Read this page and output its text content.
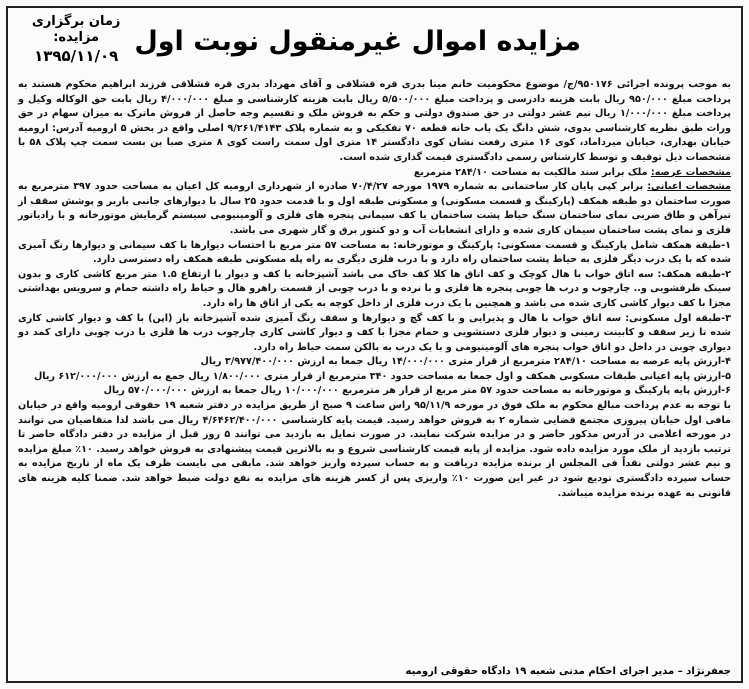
مزایده اموال غیرمنقول نوبت اول
زمان برگزاری مزایده:
۱۳۹۵/۱۱/۰۹

به موجب پرونده اجرائی ۹۵۰۱۷۶/ج/ موضوع محکومیت خانم مینا بدری قره قشلاقی و آقای مهرداد بدری قره قشلاقی فرزند ابراهیم محکوم هستند به پرداخت مبلغ ۹۵۰/۰۰۰ ریال بابت هزینه دادرسی و پرداخت مبلغ ۵/۵۰۰/۰۰۰ ریال بابت هزینه کارشناسی و مبلغ ۴/۰۰۰/۰۰۰ ریال بابت حق الوکاله وکیل و پرداخت مبلغ ۱/۰۰۰/۰۰۰ ریال نیم عشر دولتی در حق صندوق دولتی و حکم به فروش ملک و تقسیم وجه حاصل از فروش ماترک به میزان سهام در حق وراث طبق نظریه کارشناسی بدوی، شش دانگ یک باب خانه قطعه ۷۰ تفکیکی و به شماره پلاک ۹/۲۶۱/۴۱۴۳ اصلی واقع در بخش ۵ ارومیه آدرس: ارومیه خیابان بهداری، خیابان میرداماد، کوی ۱۶ متری رفعت نشان کوی دادگستر ۱۴ متری اول سمت راست کوی ۸ متری صبا بن بست سمت چپ پلاک ۵۸ با مشخصات ذیل توقیف و توسط کارشناس رسمی دادگستری قیمت گذاری شده است.

مشخصات عرصه: ملک برابر سند مالکیت به مساحت ۲۸۴/۱۰ مترمربع

مشخصات اعیانی: برابر کپی پایان کار ساختمانی به شماره ۱۹۷۹ مورخه ۷۰/۴/۲۷ صادره از شهرداری ارومیه کل اعیان به مساحت حدود ۳۹۷ مترمربع به صورت ساختمان دو طبقه همکف (پارکینگ و قسمت مسکونی) و مسکونی طبقه اول و با قدمت حدود ۲۵ سال با دیوارهای جانبی باربر و پوشش سقف از تیرآهن و طاق ضربی نمای ساختمان سنگ حیاط پشت ساختمان با کف سیمانی پنجره های فلزی و آلومینیومی سیستم گرمایش موتورخانه و با رادیاتور فلزی و نمای پشت ساختمان سیمان کاری شده و دارای انشعابات آب و دو کنتور برق و گاز شهری می باشد.

۱-طبقه همکف شامل پارکینگ و قسمت مسکونی: پارکینگ و موتورخانه: به مساحت ۵۷ متر مربع با احتساب دیوارها با کف سیمانی و دیوارها رنگ آمیزی شده که با یک درب دیگر فلزی به حیاط پشت ساختمان راه دارد و با درب فلزی دیگری به راه پله مسکونی طبقه همکف راه دسترسی دارد.

۲-طبقه همکف: سه اتاق خواب با هال کوچک و کف اتاق ها کلا کف خاک می باشد آشپزخانه با کف و دیوار با ارتفاع ۱.۵ متر مربع کاشی کاری و بدون سینک ظرفشویی و.. چارچوب و درب ها چوبی پنجره ها فلزی و با نرده و با درب چوبی از قسمت راهرو هال و حیاط راه داشته حمام و سرویس بهداشتی مجزا با کف دیوار کاشی کاری شده می باشد و همچنین با یک درب فلزی از داخل کوچه به یکی از اتاق ها راه دارد.

۳-طبقه اول مسکونی: سه اتاق خواب با هال و پذیرایی و با کف گچ و دیوارها و سقف رنگ آمیزی شده آشپزخانه باز (اپن) با کف و دیوار کاشی کاری شده تا زیر سقف و کابینت زمینی و دیوار فلزی دستشویی و حمام مجزا با کف و دیوار کاشی کاری چارچوب درب ها فلزی با درب چوبی دارای کمد دو دیواری چوبی در داخل دو اتاق خواب پنجره های آلومینیومی و با یک درب به بالکن سمت حیاط راه دارد.

۴-ارزش پایه عرصه به مساحت ۲۸۴/۱۰ مترمربع از قرار متری ۱۴/۰۰۰/۰۰۰ ریال جمعا به ارزش ۳/۹۷۷/۴۰۰/۰۰۰ ریال

۵-ارزش پایه اعیانی طبقات مسکونی همکف و اول جمعا به مساحت حدود ۳۴۰ مترمربع از قرار متری ۱/۸۰۰/۰۰۰ ریال جمع به ارزش ۶۱۲/۰۰۰/۰۰۰ ریال

۶-ارزش پایه پارکینگ و موتورخانه به مساحت حدود ۵۷ متر مربع از قرار هر مترمربع ۱۰/۰۰۰/۰۰۰ ریال جمعا به ارزش ۵۷۰/۰۰۰/۰۰۰ ریال

با توجه به عدم پرداخت مبالغ محکوم به ملک فوق در مورخه ۹۵/۱۱/۹ راس ساعت ۹ صبح از طریق مزایده در دفتر شعبه ۱۹ حقوقی ارومیه واقع در خیابان مافی اول خیابان پیروزی مجتمع قضایی شماره ۲ به فروش خواهد رسید. قیمت پایه کارشناسی ۴/۶۴۶۲/۴۰۰/۰۰۰ ریال می باشد لذا متقاضیان می توانند در مورخه اعلامی در آدرس مذکور حاضر و در مزایده شرکت نمایند. در صورت تمایل به بازدید می توانند ۵ روز قبل از مزایده در دفتر دادگاه حاضر تا ترتیب بازدید از ملک مورد مزایده داده شود. مزایده از پایه قیمت کارشناسی شروع و به بالاترین قیمت پیشنهادی به فروش خواهد رسید. ۱۰٪ مبلغ مزایده و نیم عشر دولتی نقداً فی المجلس از برنده مزایده دریافت و به حساب سپرده واریز خواهد شد. مابقی می بایست ظرف یک ماه از تاریخ مزایده به حساب سپرده دادگستری تودیع شود در غیر این صورت ۱۰٪ واریزی پس از کسر هزینه های مزایده به نفع دولت ضبط خواهد شد. ضمنا کلیه هزینه های قانونی به عهده برنده مزایده میباشد.

جعفرنژاد – مدیر اجرای احکام مدنی شعبه ۱۹ دادگاه حقوقی ارومیه
